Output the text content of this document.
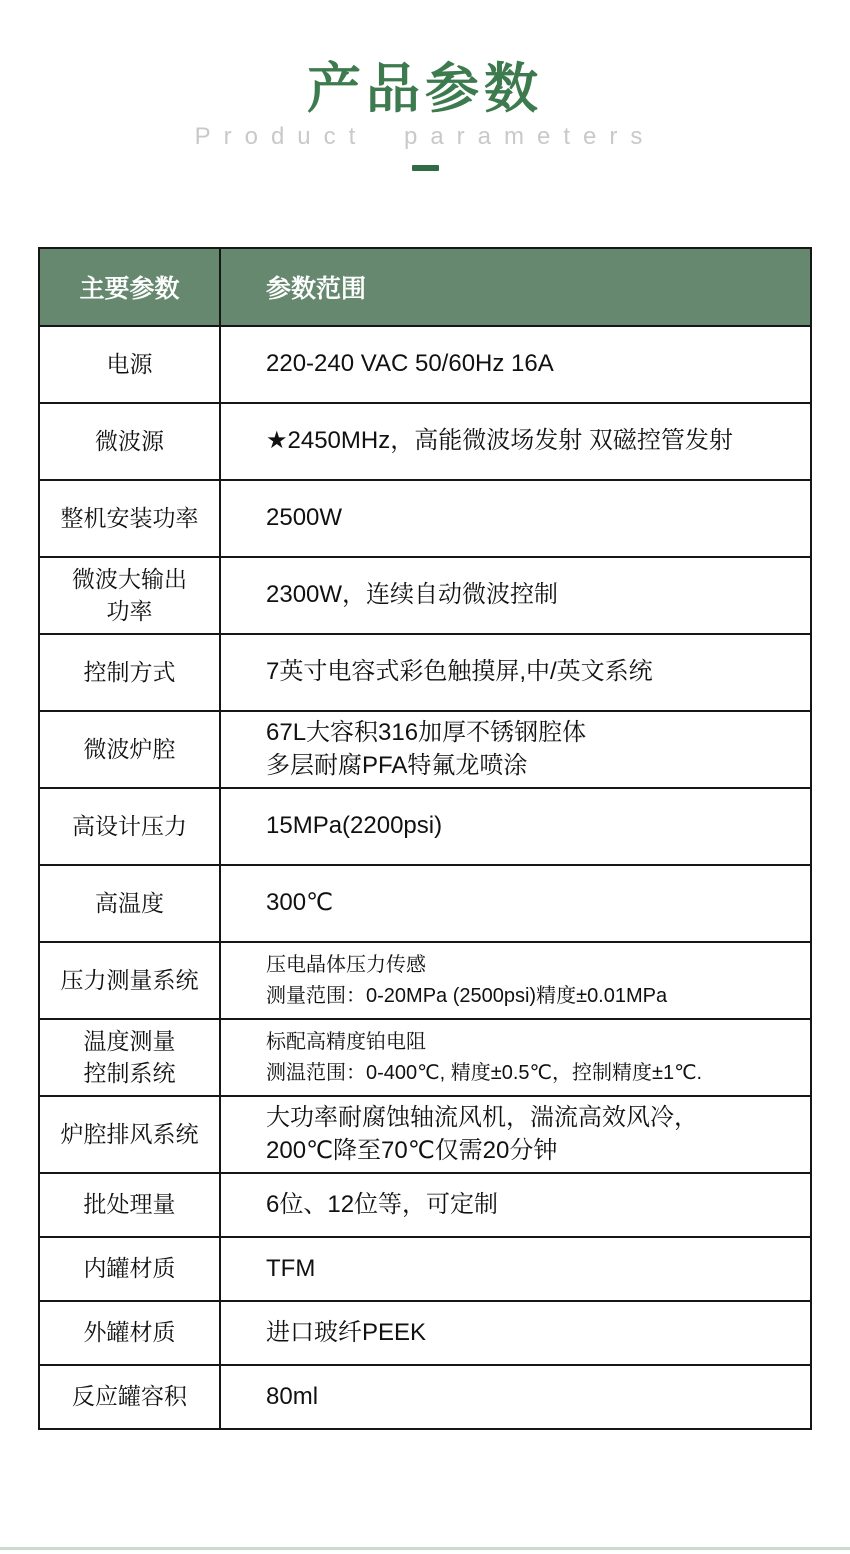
产品参数
Product parameters
主要参数	参数范围
电源	220-240 VAC 50/60Hz 16A
微波源	★2450MHz，高能微波场发射 双磁控管发射
整机安装功率	2500W
微波大输出
功率	2300W，连续自动微波控制
控制方式	7英寸电容式彩色触摸屏,中/英文系统
微波炉腔	67L大容积316加厚不锈钢腔体
多层耐腐PFA特氟龙喷涂
高设计压力	15MPa(2200psi)
高温度	300℃
压力测量系统	压电晶体压力传感
测量范围：0-20MPa (2500psi)精度±0.01MPa
温度测量
控制系统	标配高精度铂电阻
测温范围：0-400℃, 精度±0.5℃，控制精度±1℃.
炉腔排风系统	大功率耐腐蚀轴流风机，湍流高效风冷，
200℃降至70℃仅需20分钟
批处理量	6位、12位等，可定制
内罐材质	TFM
外罐材质	进口玻纤PEEK
反应罐容积	80ml
